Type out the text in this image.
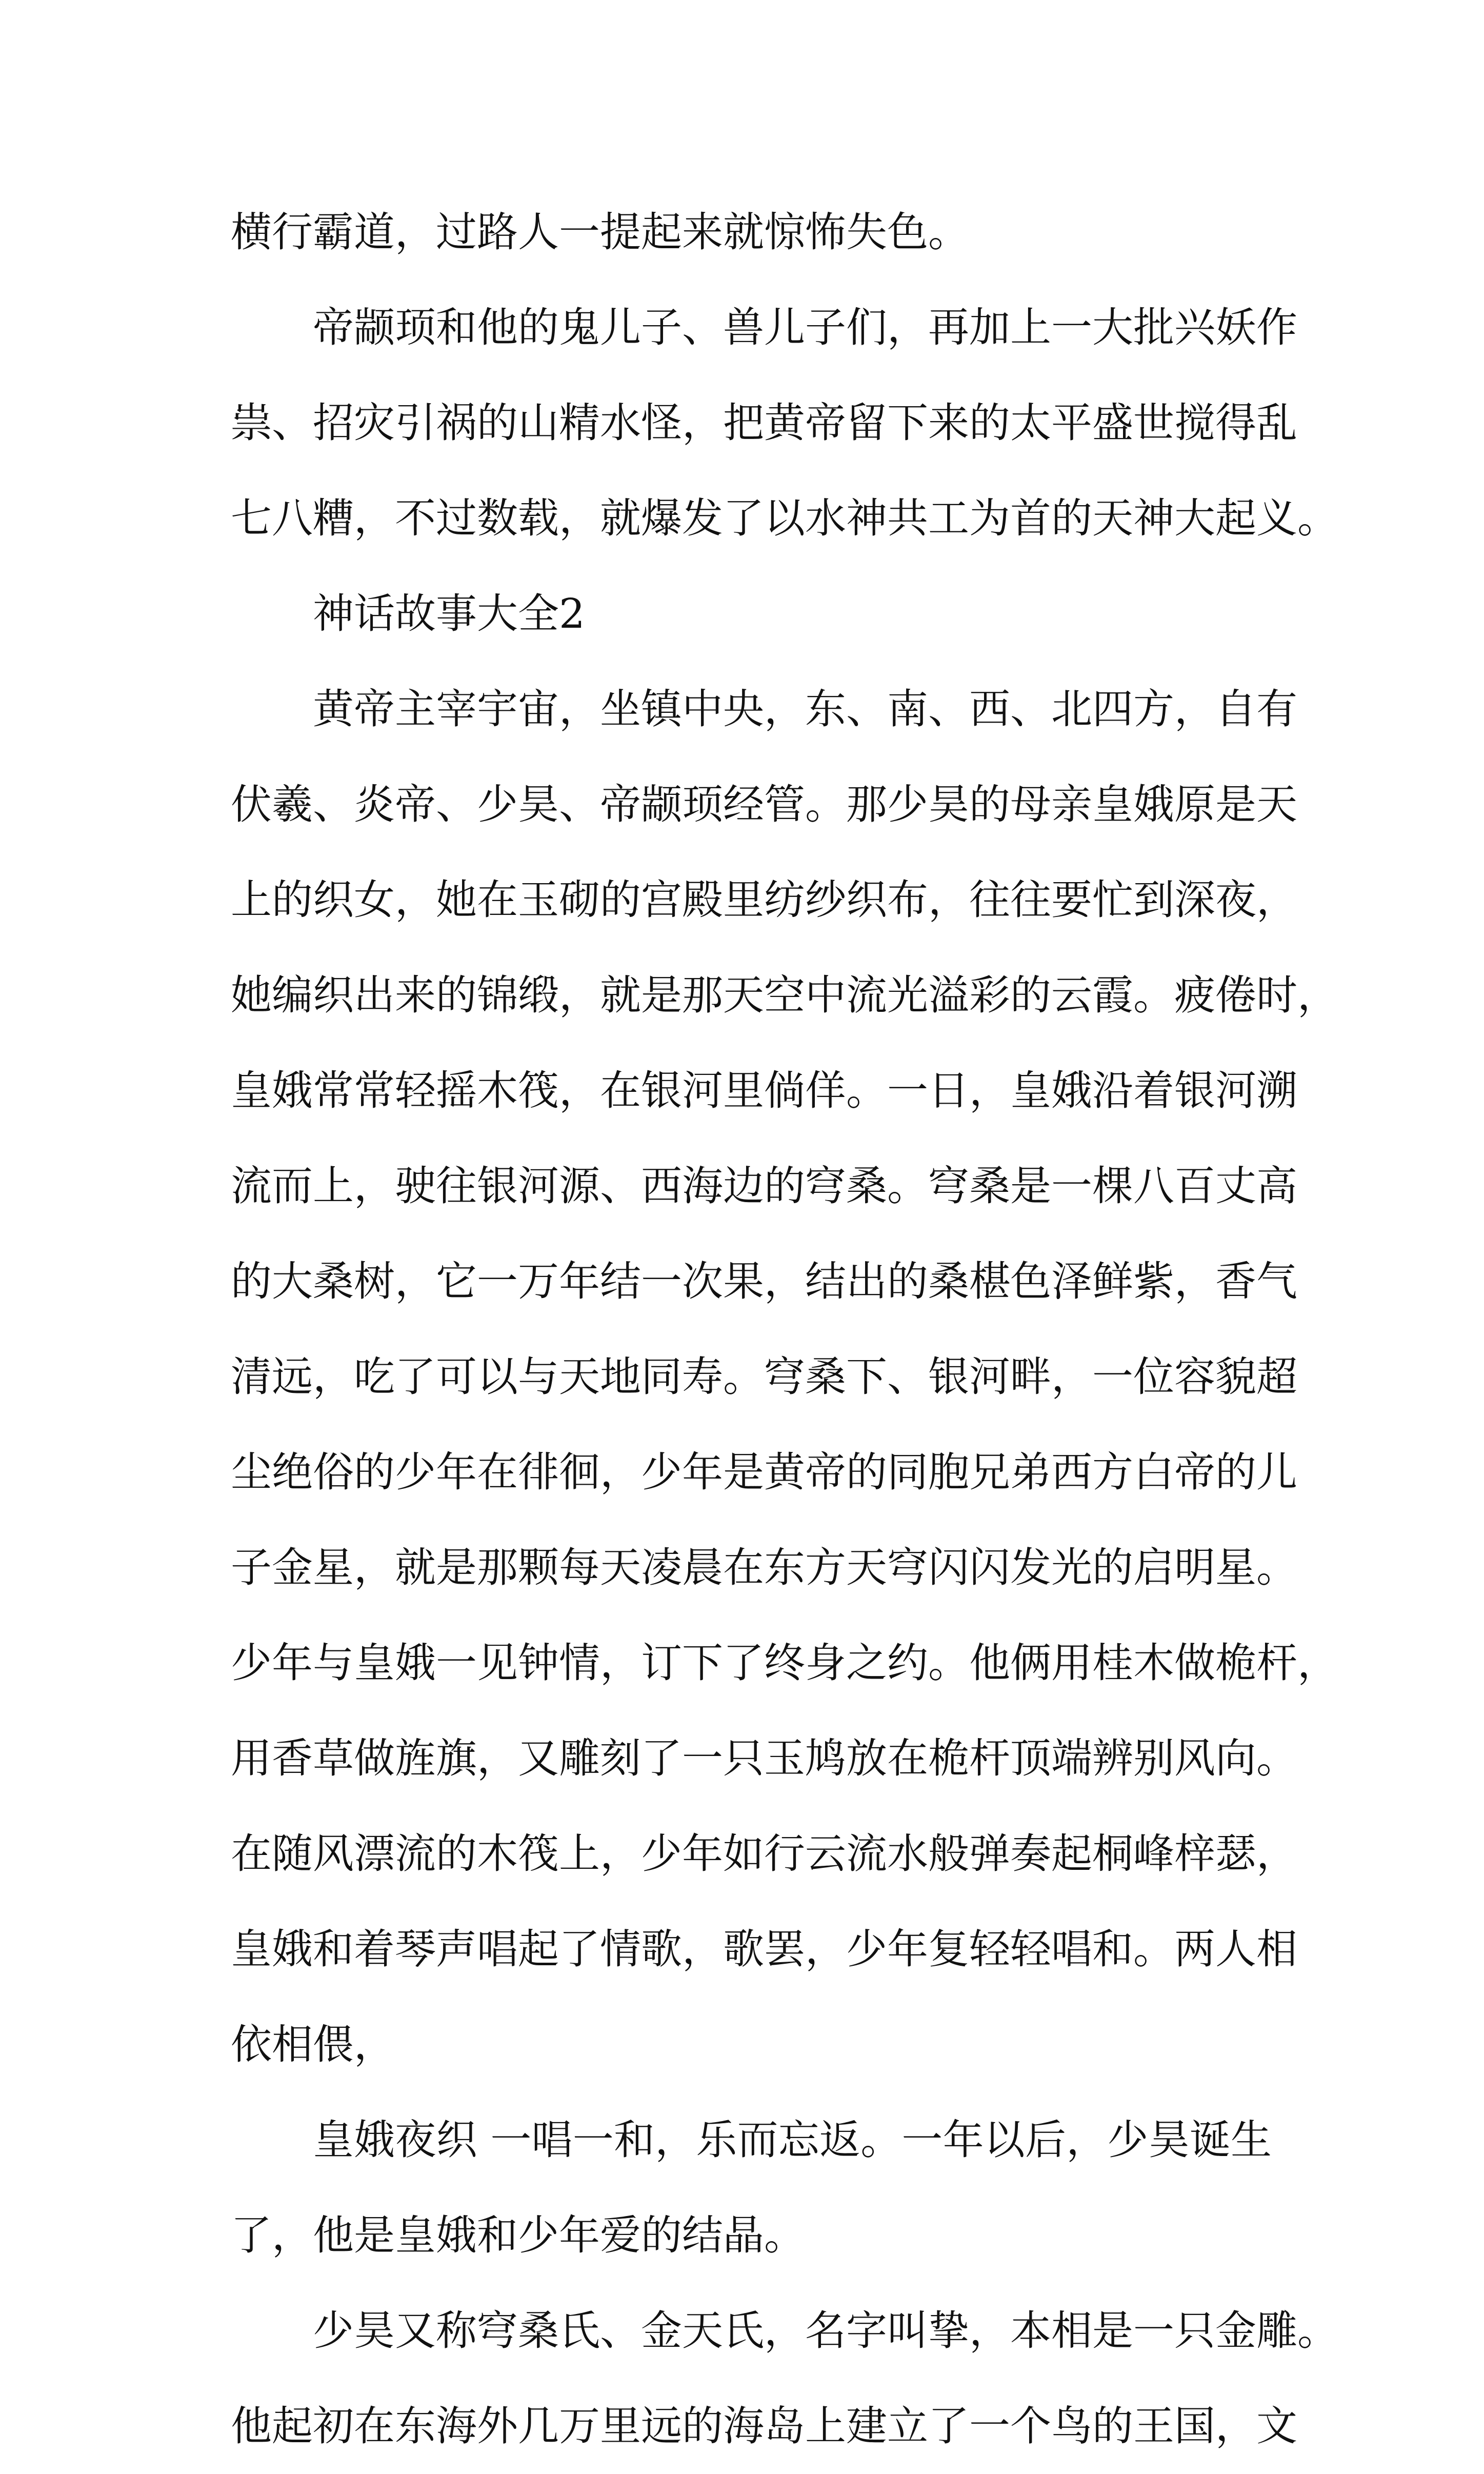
横行霸道，过路人一提起来就惊怖失色。
帝颛顼和他的鬼儿子、兽儿子们，再加上一大批兴妖作
祟、招灾引祸的山精水怪，把黄帝留下来的太平盛世搅得乱
七八糟，不过数载，就爆发了以水神共工为首的天神大起义。
神话故事大全2
黄帝主宰宇宙，坐镇中央，东、南、西、北四方，自有
伏羲、炎帝、少昊、帝颛顼经管。那少昊的母亲皇娥原是天
上的织女，她在玉砌的宫殿里纺纱织布，往往要忙到深夜，
她编织出来的锦缎，就是那天空中流光溢彩的云霞。疲倦时，
皇娥常常轻摇木筏，在银河里倘佯。一日，皇娥沿着银河溯
流而上，驶往银河源、西海边的穹桑。穹桑是一棵八百丈高
的大桑树，它一万年结一次果，结出的桑椹色泽鲜紫，香气
清远，吃了可以与天地同寿。穹桑下、银河畔，一位容貌超
尘绝俗的少年在徘徊，少年是黄帝的同胞兄弟西方白帝的儿
子金星，就是那颗每天凌晨在东方天穹闪闪发光的启明星。
少年与皇娥一见钟情，订下了终身之约。他俩用桂木做桅杆，
用香草做旌旗，又雕刻了一只玉鸠放在桅杆顶端辨别风向。
在随风漂流的木筏上，少年如行云流水般弹奏起桐峰梓瑟，
皇娥和着琴声唱起了情歌，歌罢，少年复轻轻唱和。两人相
依相偎，
皇娥夜织 一唱一和，乐而忘返。一年以后，少昊诞生
了，他是皇娥和少年爱的结晶。
少昊又称穹桑氏、金天氏，名字叫挚，本相是一只金雕。
他起初在东海外几万里远的海岛上建立了一个鸟的王国，文
